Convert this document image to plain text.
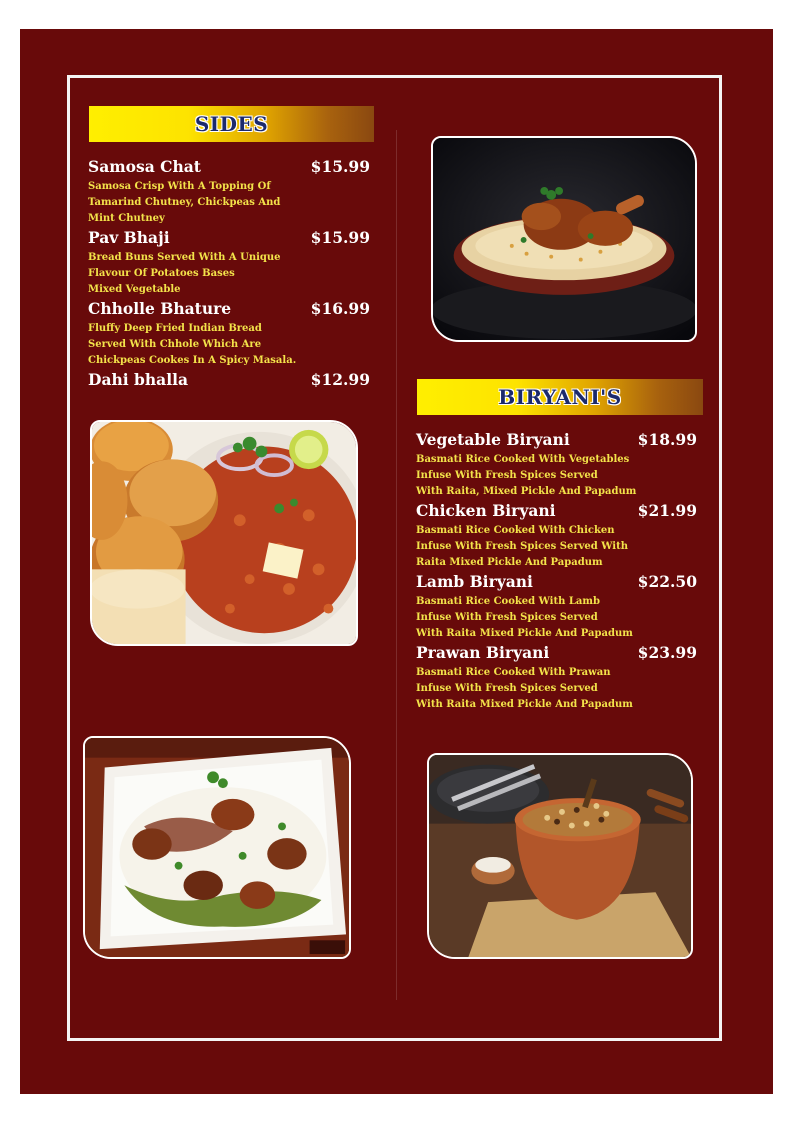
SIDES
Samosa Chat	$15.99
Samosa Crisp With A Topping Of
Tamarind Chutney, Chickpeas And
Mint Chutney
Pav Bhaji	$15.99
Bread Buns Served With A Unique
Flavour Of Potatoes Bases
Mixed Vegetable
Chholle Bhature	$16.99
Fluffy Deep Fried Indian Bread
Served With Chhole Which Are
Chickpeas Cookes In A Spicy Masala.
Dahi bhalla	$12.99
BIRYANI'S
Vegetable Biryani	$18.99
Basmati Rice Cooked With Vegetables
Infuse With Fresh Spices Served
With Raita, Mixed Pickle And Papadum
Chicken Biryani	$21.99
Basmati Rice Cooked With Chicken
Infuse With Fresh Spices Served With
Raita Mixed Pickle And Papadum
Lamb Biryani	$22.50
Basmati Rice Cooked With Lamb
Infuse With Fresh Spices Served
With Raita Mixed Pickle And Papadum
Prawan Biryani	$23.99
Basmati Rice Cooked With Prawan
Infuse With Fresh Spices Served
With Raita Mixed Pickle And Papadum
